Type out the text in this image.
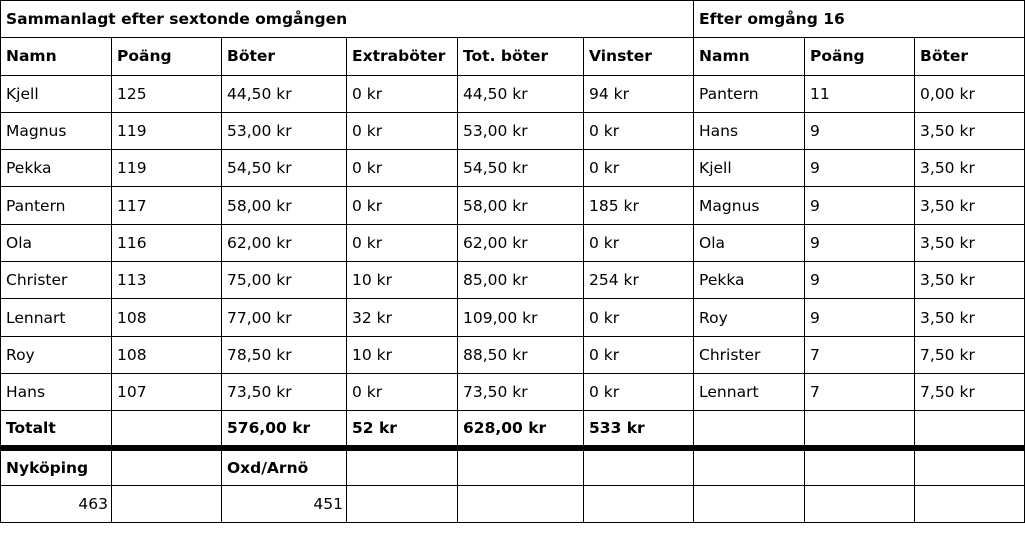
Sammanlagt efter sextonde omgången						Efter omgång 16		
Namn	Poäng	Böter	Extraböter	Tot. böter	Vinster	Namn	Poäng	Böter
Kjell	125	44,50 kr	0 kr	44,50 kr	94 kr	Pantern	11	0,00 kr
Magnus	119	53,00 kr	0 kr	53,00 kr	0 kr	Hans	9	3,50 kr
Pekka	119	54,50 kr	0 kr	54,50 kr	0 kr	Kjell	9	3,50 kr
Pantern	117	58,00 kr	0 kr	58,00 kr	185 kr	Magnus	9	3,50 kr
Ola	116	62,00 kr	0 kr	62,00 kr	0 kr	Ola	9	3,50 kr
Christer	113	75,00 kr	10 kr	85,00 kr	254 kr	Pekka	9	3,50 kr
Lennart	108	77,00 kr	32 kr	109,00 kr	0 kr	Roy	9	3,50 kr
Roy	108	78,50 kr	10 kr	88,50 kr	0 kr	Christer	7	7,50 kr
Hans	107	73,50 kr	0 kr	73,50 kr	0 kr	Lennart	7	7,50 kr
Totalt		576,00 kr	52 kr	628,00 kr	533 kr			
Nyköping		Oxd/Arnö						
463		451						
